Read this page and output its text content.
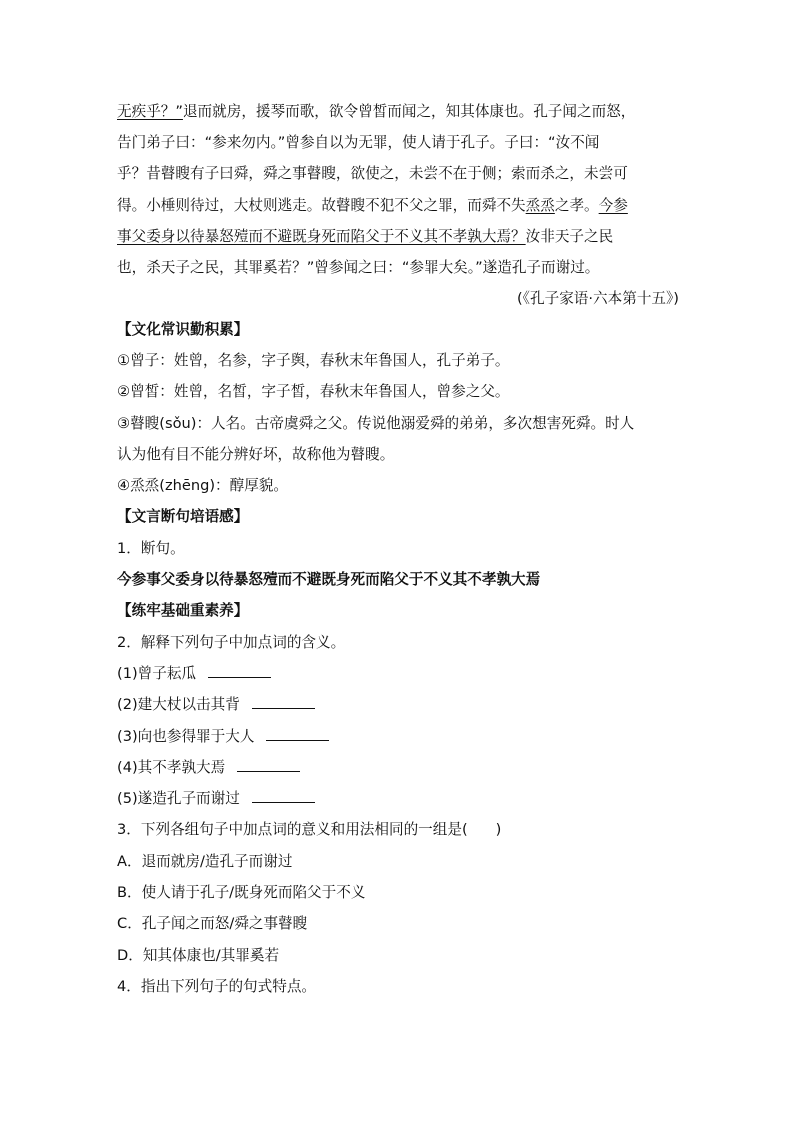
无疾乎？”退而就房，援琴而歌，欲令曾皙而闻之，知其体康也。孔子闻之而怒，

告门弟子曰：“参来勿内。”曾参自以为无罪，使人请于孔子。子曰：“汝不闻

乎？昔瞽瞍有子曰舜，舜之事瞽瞍，欲使之，未尝不在于侧；索而杀之，未尝可

得。小棰则待过，大杖则逃走。故瞽瞍不犯不父之罪，而舜不失烝烝之孝。今参

事父委身以待暴怒殪而不避既身死而陷父于不义其不孝孰大焉？汝非天子之民

也，杀天子之民，其罪奚若？”曾参闻之曰：“参罪大矣。”遂造孔子而谢过。

(《孔子家语·六本第十五》)
【文化常识勤积累】
①曾子：姓曾，名参，字子舆，春秋末年鲁国人，孔子弟子。
②曾皙：姓曾，名皙，字子皙，春秋末年鲁国人，曾参之父。
③瞽瞍(sǒu)：人名。古帝虞舜之父。传说他溺爱舜的弟弟，多次想害死舜。时人
认为他有目不能分辨好坏，故称他为瞽瞍。
④烝烝(zhēng)：醇厚貌。
【文言断句培语感】
1．断句。
今参事父委身以待暴怒殪而不避既身死而陷父于不义其不孝孰大焉
【练牢基础重素养】
2．解释下列句子中加点词的含义。
(1)曾子耘瓜
(2)建大杖以击其背
(3)向也参得罪于大人
(4)其不孝孰大焉
(5)遂造孔子而谢过
3．下列各组句子中加点词的意义和用法相同的一组是( )
A．退而就房/造孔子而谢过
B．使人请于孔子/既身死而陷父于不义
C．孔子闻之而怒/舜之事瞽瞍
D．知其体康也/其罪奚若
4．指出下列句子的句式特点。
